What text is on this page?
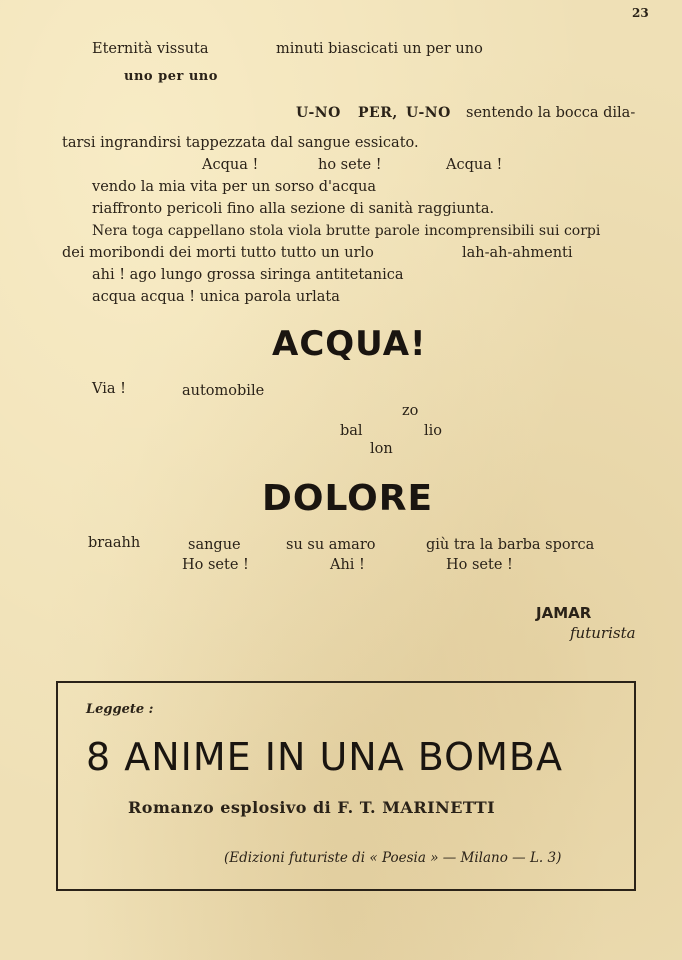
23
Eternità vissuta	minuti biascicati un per uno
uno per uno
U-NO PER, U-NO sentendo la bocca dila-
tarsi ingrandirsi tappezzata dal sangue essicato.
Acqua !	ho sete !	Acqua !
vendo la mia vita per un sorso d'acqua
riaffronto pericoli fino alla sezione di sanità raggiunta.
Nera toga cappellano stola viola brutte parole incomprensibili sui corpi
dei moribondi dei morti tutto tutto un urlo	lah-ah-ahmenti
ahi ! ago lungo grossa siringa antitetanica
acqua acqua ! unica parola urlata
ACQUA!
Via !	automobile
zo
bal	lio
lon
DOLORE
braahh	sangue	su su amaro	giù tra la barba sporca
Ho sete !	Ahi !	Ho sete !
JAMAR
futurista
Leggete :
8 ANIME IN UNA BOMBA
Romanzo esplosivo di F. T. MARINETTI
(Edizioni futuriste di « Poesia » — Milano — L. 3)
